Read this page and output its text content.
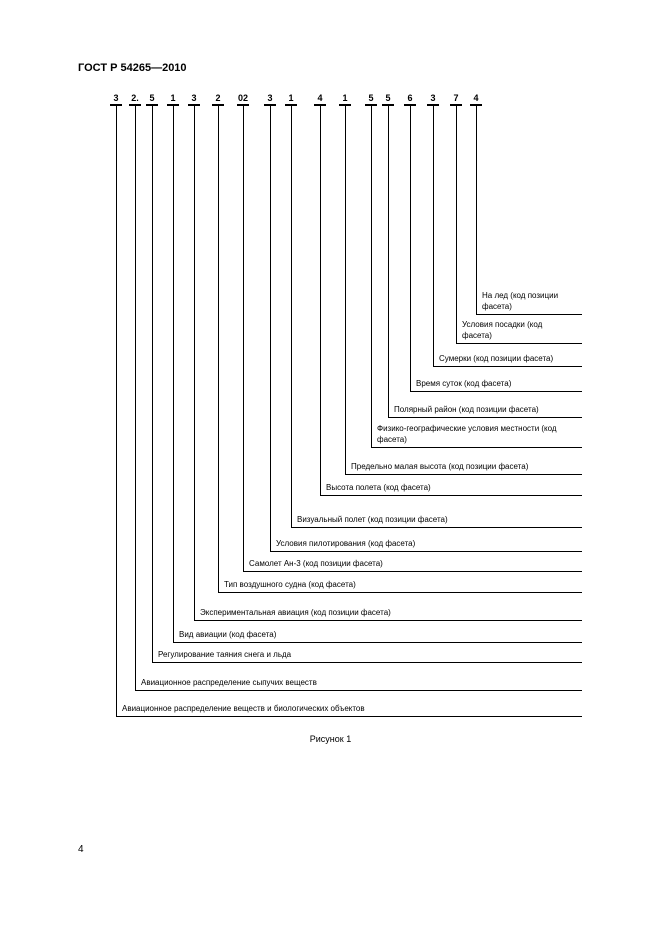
ГОСТ Р 54265—2010
3
Авиационное распределение веществ и биологических объектов
2.
Авиационное распределение сыпучих веществ
5
Регулирование таяния снега и льда
1
Вид авиации (код фасета)
3
Экспериментальная авиация (код позиции фасета)
2
Тип воздушного судна (код фасета)
02
Самолет Ан-3 (код позиции фасета)
3
Условия пилотирования (код фасета)
1
Визуальный полет (код позиции фасета)
4
Высота полета (код фасета)
1
Предельно малая высота (код позиции фасета)
5
Физико-географические условия местности (код
фасета)
5
Полярный район (код позиции фасета)
6
Время суток (код фасета)
3
Сумерки (код позиции фасета)
7
Условия посадки (код
фасета)
4
На лед (код позиции
фасета)
Рисунок 1
4
